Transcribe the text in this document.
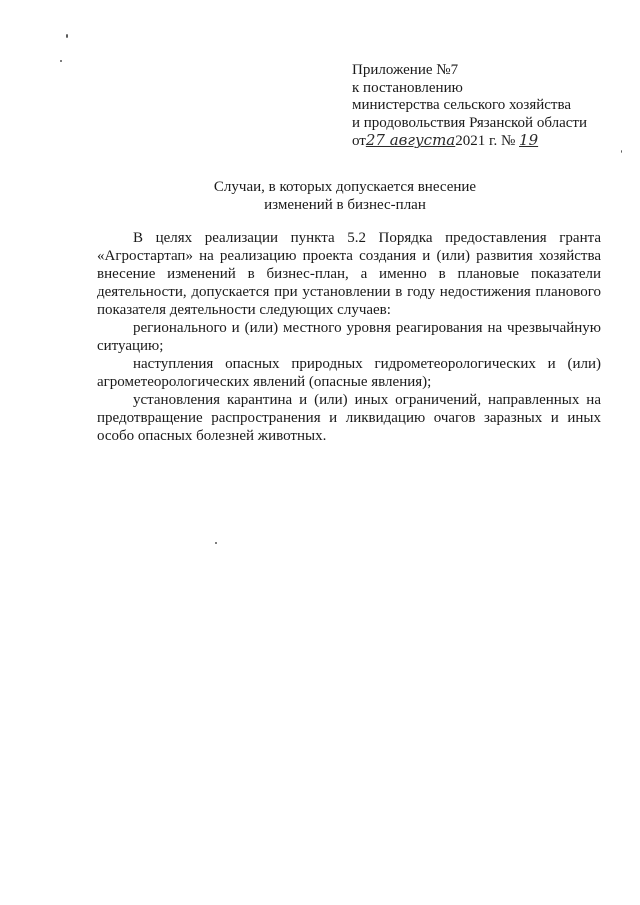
Приложение №7
к постановлению
министерства сельского хозяйства
и продовольствия Рязанской области
от27 августа2021 г. № 19
Случаи, в которых допускается внесение
изменений в бизнес-план

В целях реализации пункта 5.2 Порядка предоставления гранта «Агростартап» на реализацию проекта создания и (или) развития хозяйства внесение изменений в бизнес-план, а именно в плановые показатели деятельности, допускается при установлении в году недостижения планового показателя деятельности следующих случаев:

регионального и (или) местного уровня реагирования на чрезвычайную ситуацию;

наступления опасных природных гидрометеорологических и (или) агрометеорологических явлений (опасные явления);

установления карантина и (или) иных ограничений, направленных на предотвращение распространения и ликвидацию очагов заразных и иных особо опасных болезней животных.
